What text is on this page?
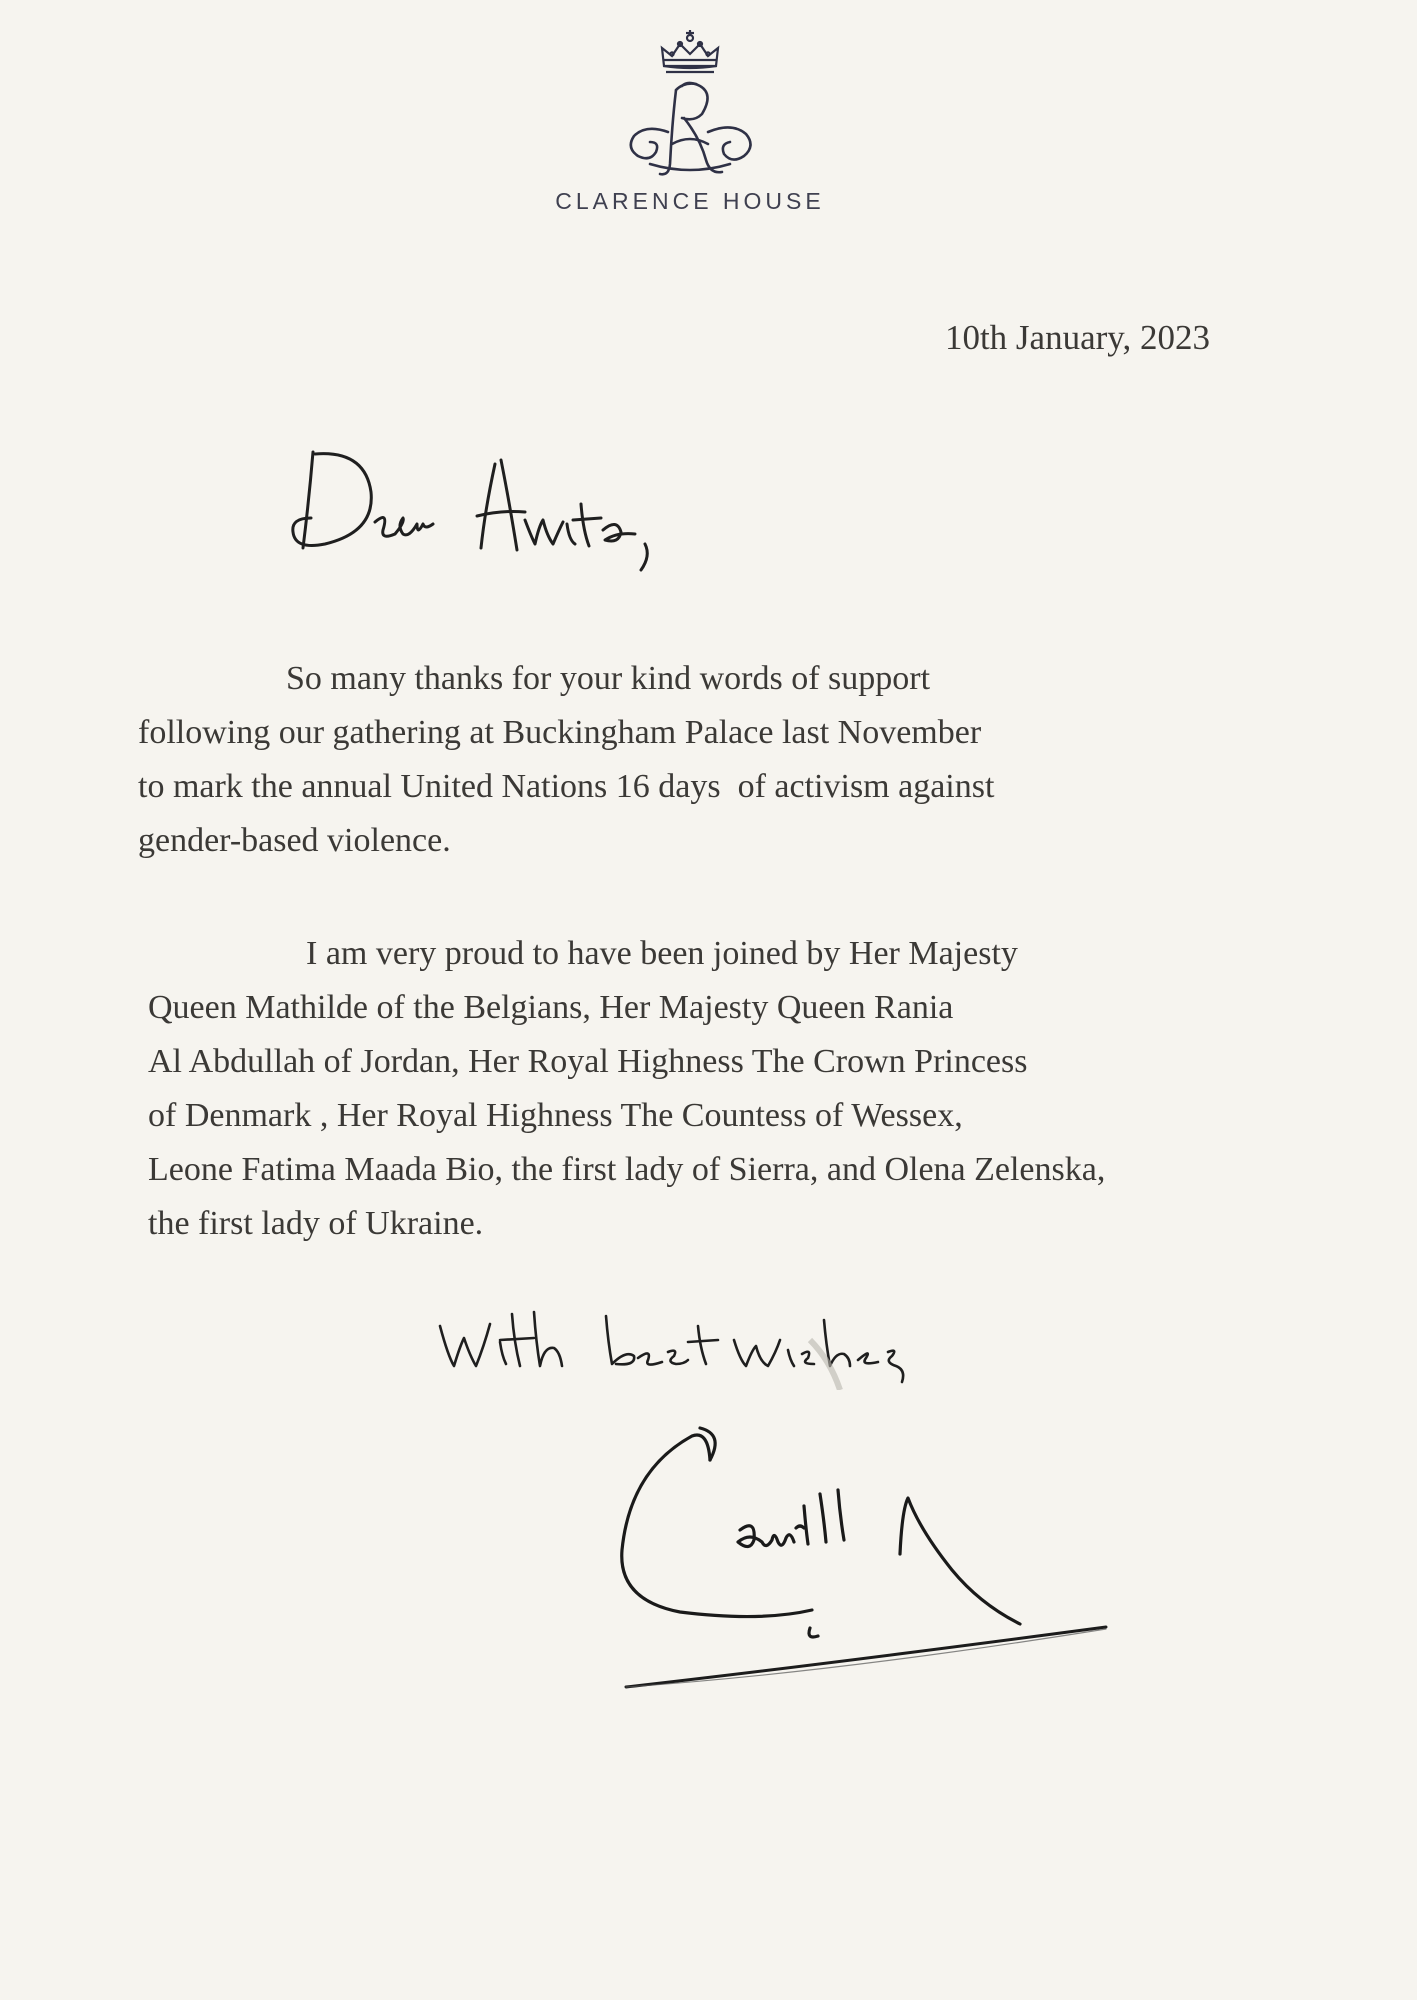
CLARENCE HOUSE
10th January, 2023
So many thanks for your kind words of support
following our gathering at Buckingham Palace last November
to mark the annual United Nations 16 days  of activism against
gender-based violence.
I am very proud to have been joined by Her Majesty
Queen Mathilde of the Belgians, Her Majesty Queen Rania
Al Abdullah of Jordan, Her Royal Highness The Crown Princess
of Denmark , Her Royal Highness The Countess of Wessex,
Leone Fatima Maada Bio, the first lady of Sierra, and Olena Zelenska,
the first lady of Ukraine.
